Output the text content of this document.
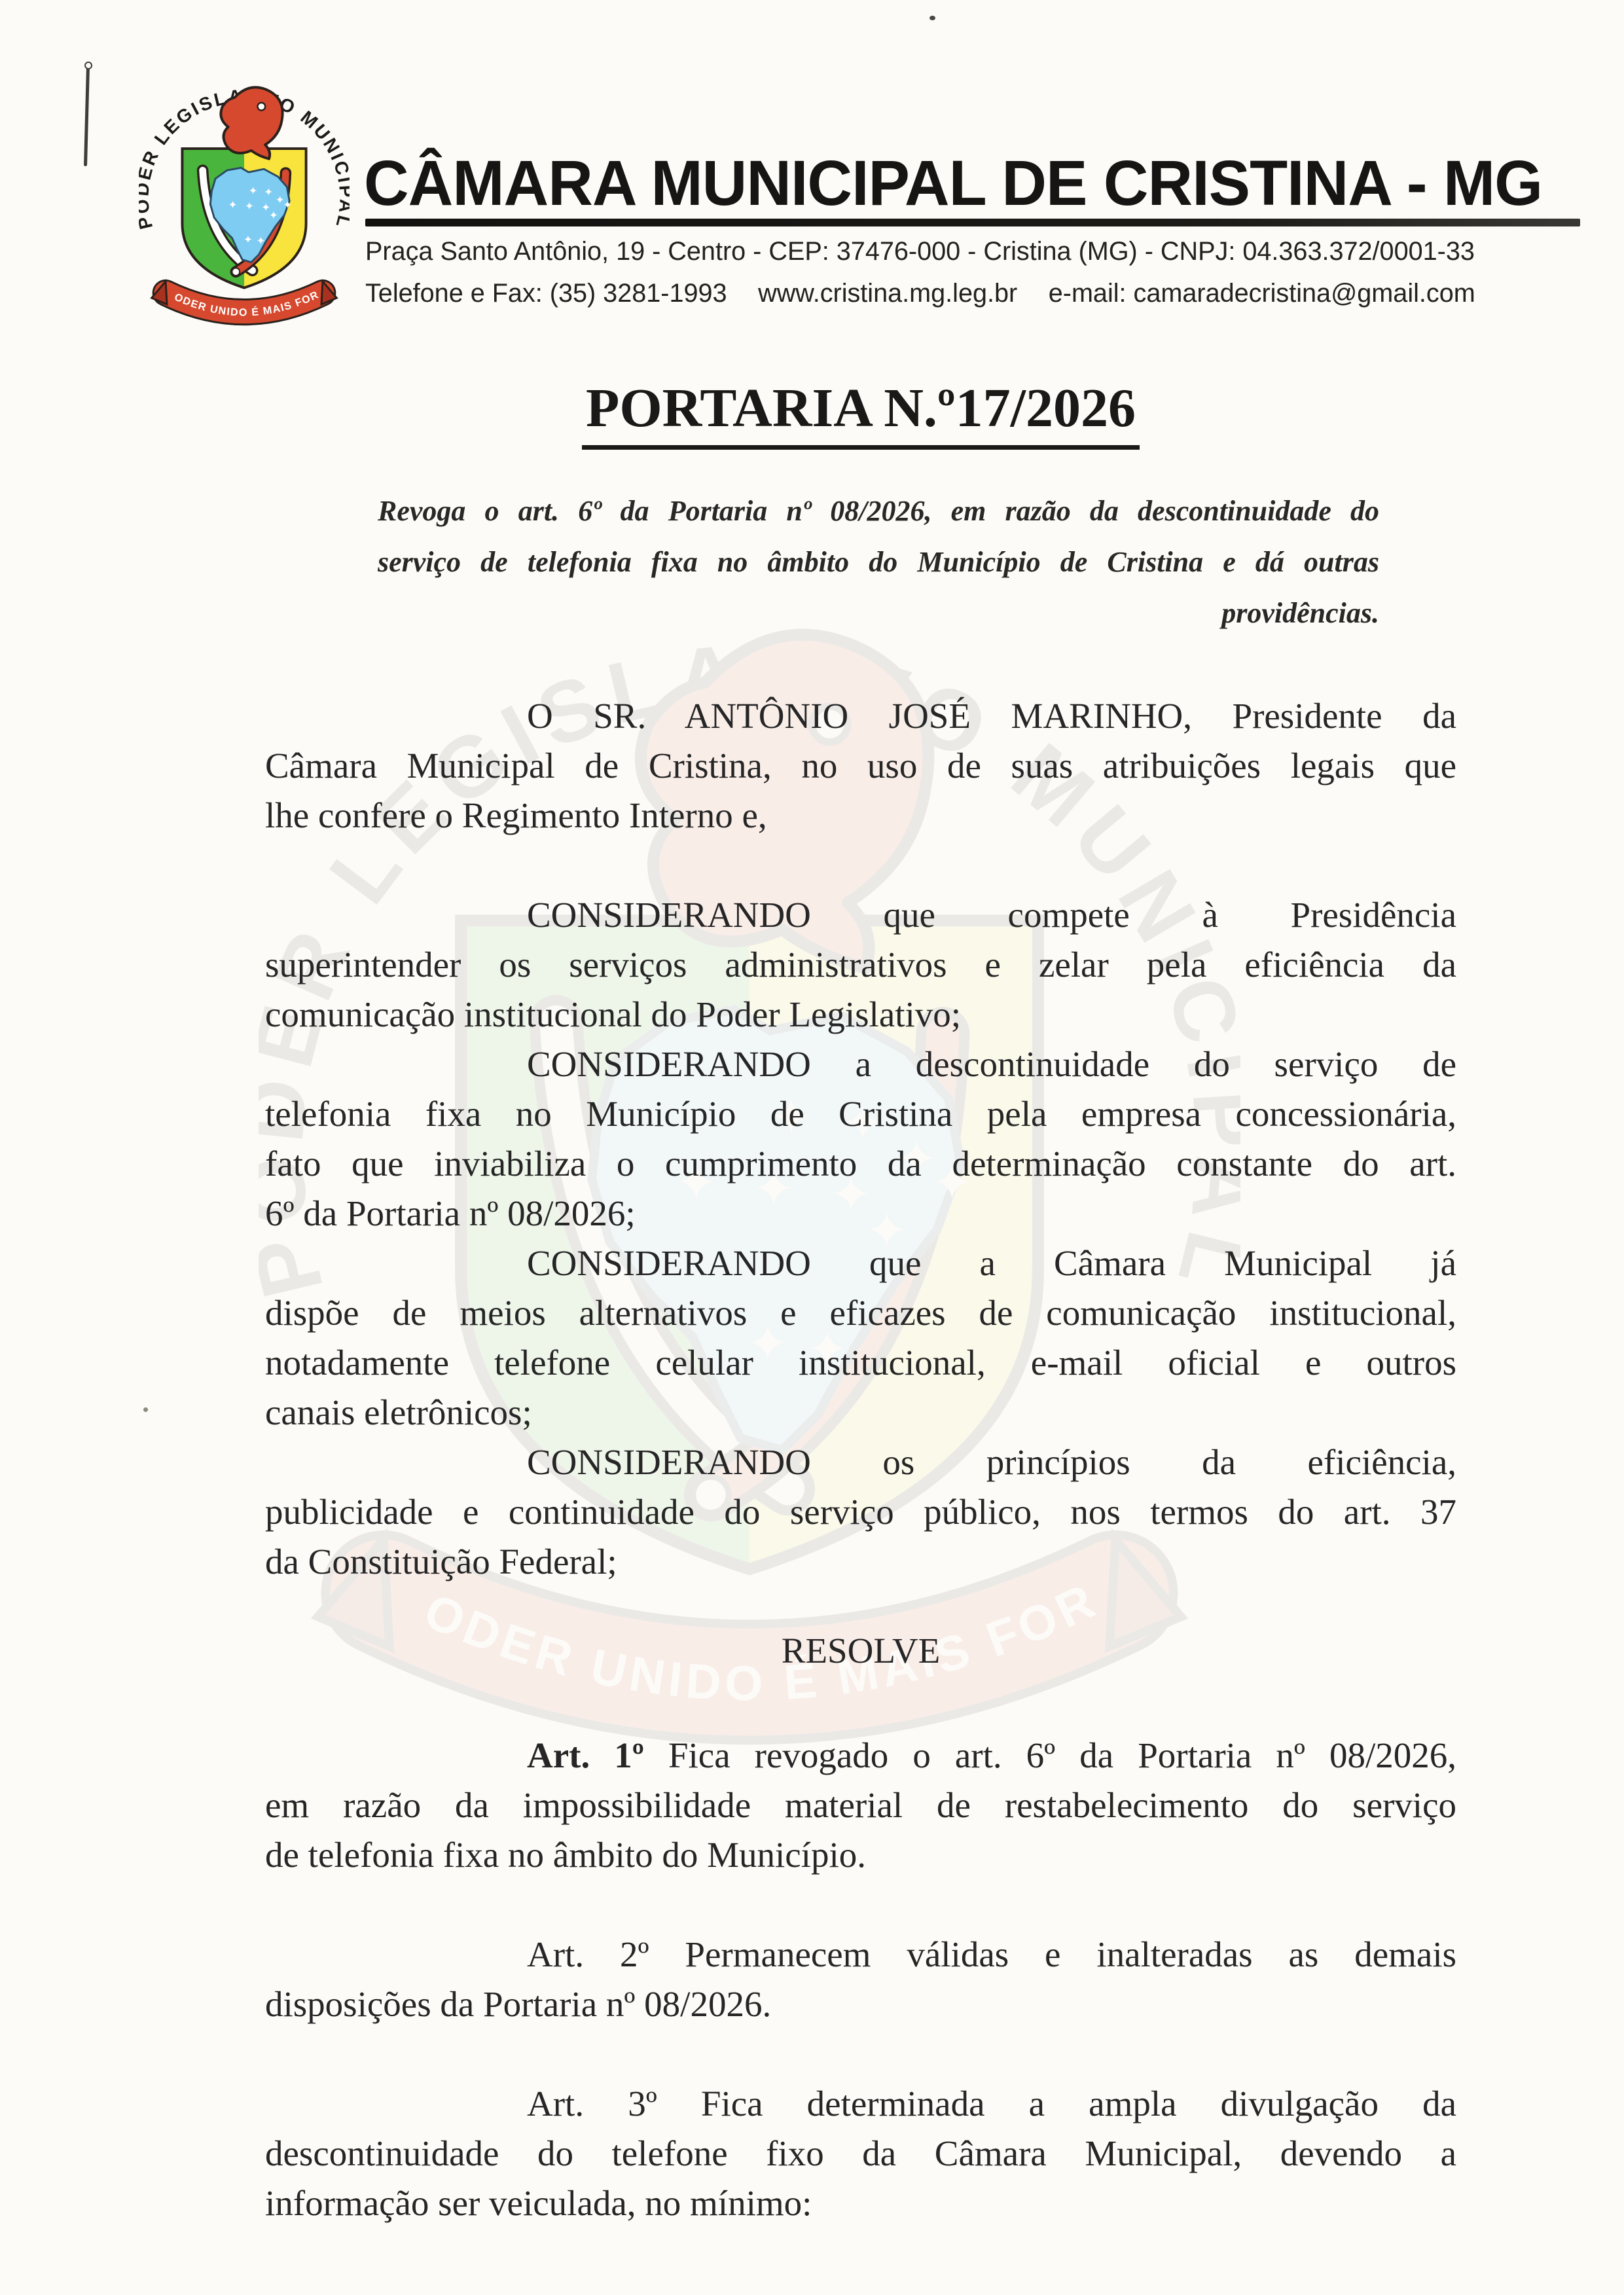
CÂMARA MUNICIPAL DE CRISTINA - MG
Praça Santo Antônio, 19 - Centro - CEP: 37476-000 - Cristina (MG) - CNPJ: 04.363.372/0001-33
Telefone e Fax: (35) 3281-1993 www.cristina.mg.leg.br e-mail: camaradecristina@gmail.com
PORTARIA N.º17/2026
Revoga o art. 6º da Portaria nº 08/2026, em razão da descontinuidade do
serviço de telefonia fixa no âmbito do Município de Cristina e dá outras
providências.
O SR. ANTÔNIO JOSÉ MARINHO, Presidente da
Câmara Municipal de Cristina, no uso de suas atribuições legais que
lhe confere o Regimento Interno e,
CONSIDERANDO que compete à Presidência
superintender os serviços administrativos e zelar pela eficiência da
comunicação institucional do Poder Legislativo;
CONSIDERANDO a descontinuidade do serviço de
telefonia fixa no Município de Cristina pela empresa concessionária,
fato que inviabiliza o cumprimento da determinação constante do art.
6º da Portaria nº 08/2026;
CONSIDERANDO que a Câmara Municipal já
dispõe de meios alternativos e eficazes de comunicação institucional,
notadamente telefone celular institucional, e-mail oficial e outros
canais eletrônicos;
CONSIDERANDO os princípios da eficiência,
publicidade e continuidade do serviço público, nos termos do art. 37
da Constituição Federal;
RESOLVE
Art. 1º Fica revogado o art. 6º da Portaria nº 08/2026,
em razão da impossibilidade material de restabelecimento do serviço
de telefonia fixa no âmbito do Município.
Art. 2º Permanecem válidas e inalteradas as demais
disposições da Portaria nº 08/2026.
Art. 3º Fica determinada a ampla divulgação da
descontinuidade do telefone fixo da Câmara Municipal, devendo a
informação ser veiculada, no mínimo:
